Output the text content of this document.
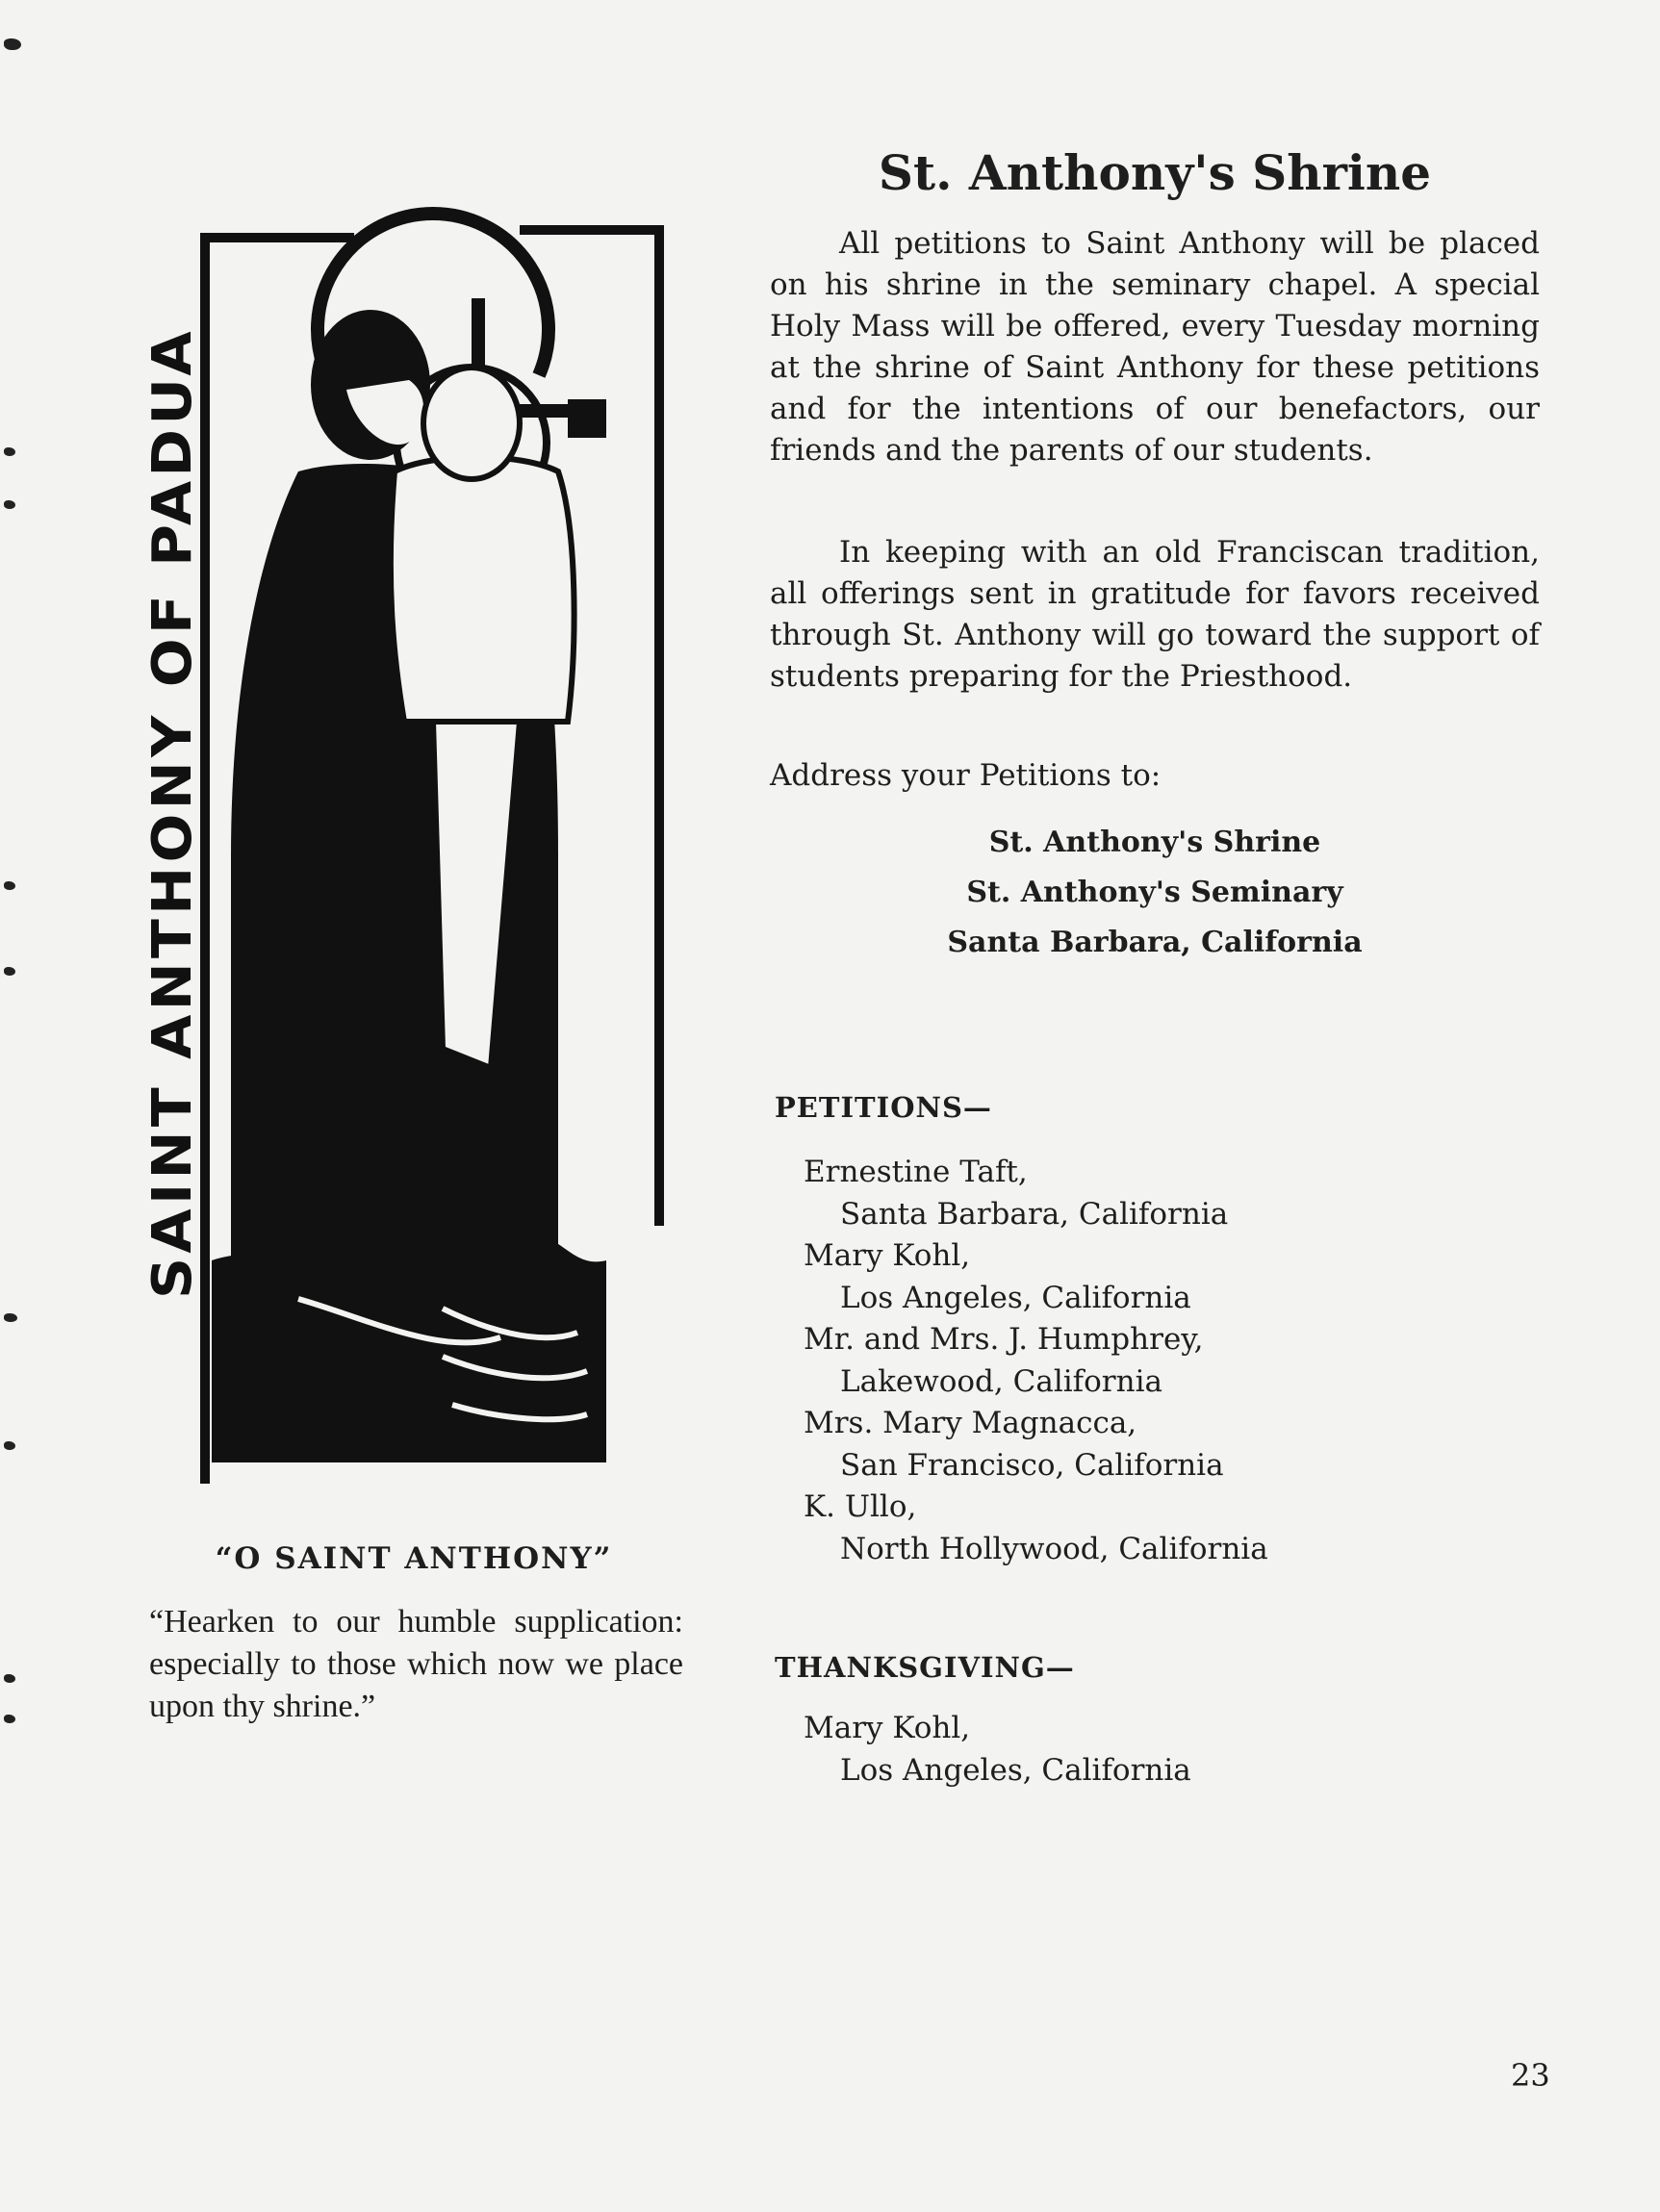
SAINT ANTHONY OF PADUA
“O SAINT ANTHONY”
“Hearken to our humble supplication: especially to those which now we place upon thy shrine.”
St. Anthony's Shrine

All petitions to Saint Anthony will be placed on his shrine in the seminary chapel. A special Holy Mass will be offered, every Tuesday morning at the shrine of Saint Anthony for these petitions and for the intentions of our benefactors, our friends and the parents of our students.

In keeping with an old Franciscan tradition, all offerings sent in gratitude for favors received through St. Anthony will go toward the support of students preparing for the Priesthood.

Address your Petitions to:
St. Anthony's Shrine
St. Anthony's Seminary
Santa Barbara, California
PETITIONS—
Ernestine Taft,
Santa Barbara, California
Mary Kohl,
Los Angeles, California
Mr. and Mrs. J. Humphrey,
Lakewood, California
Mrs. Mary Magnacca,
San Francisco, California
K. Ullo,
North Hollywood, California
THANKSGIVING—
Mary Kohl,
Los Angeles, California
23
